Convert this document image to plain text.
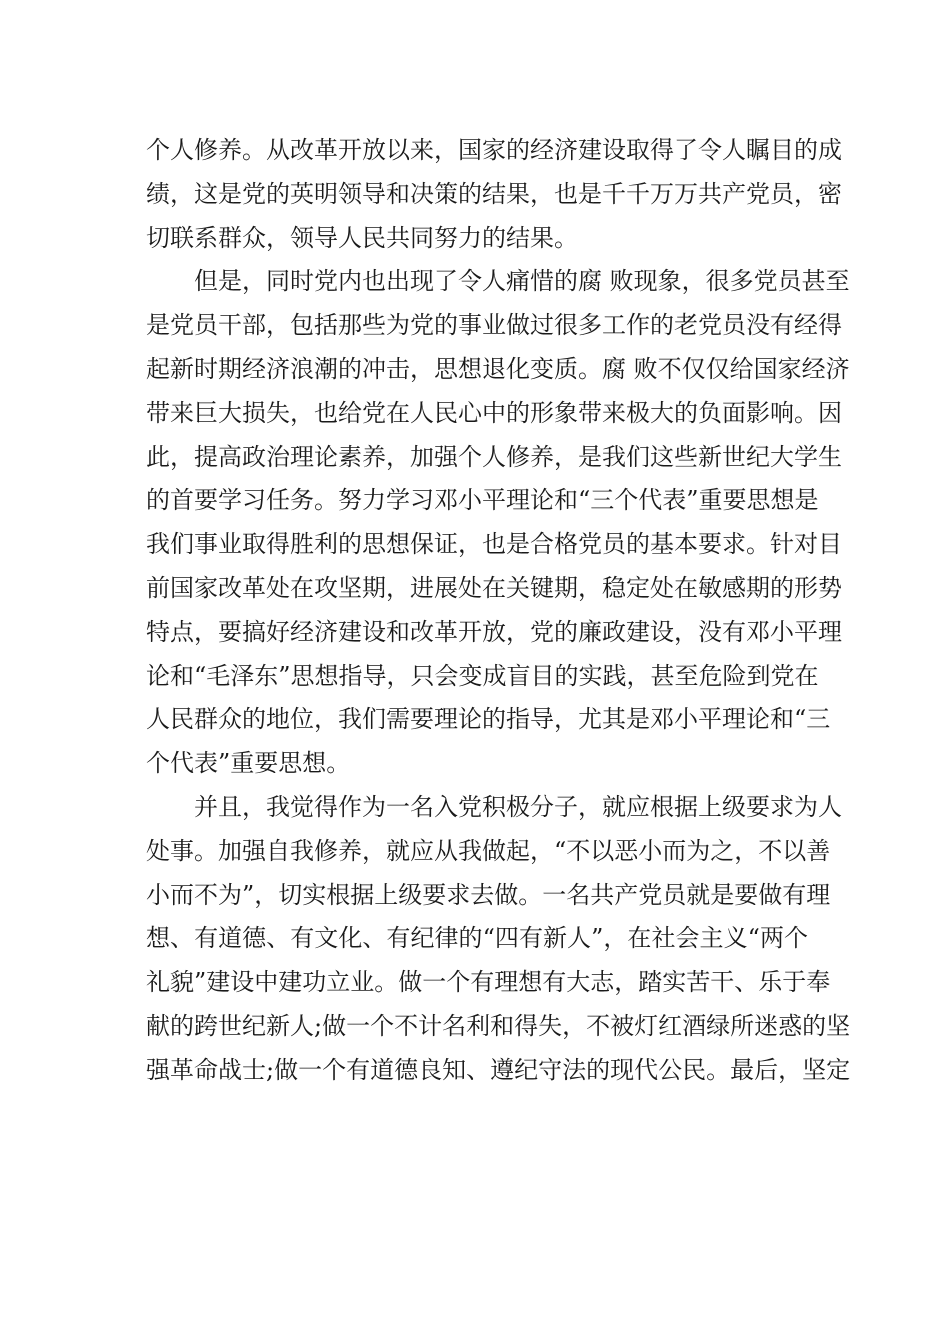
个人修养。从改革开放以来，国家的经济建设取得了令人瞩目的成
绩，这是党的英明领导和决策的结果，也是千千万万共产党员，密
切联系群众，领导人民共同努力的结果。

但是，同时党内也出现了令人痛惜的腐 败现象，很多党员甚至
是党员干部，包括那些为党的事业做过很多工作的老党员没有经得
起新时期经济浪潮的冲击，思想退化变质。腐 败不仅仅给国家经济
带来巨大损失，也给党在人民心中的形象带来极大的负面影响。因
此，提高政治理论素养，加强个人修养，是我们这些新世纪大学生
的首要学习任务。努力学习邓小平理论和“三个代表”重要思想是
我们事业取得胜利的思想保证，也是合格党员的基本要求。针对目
前国家改革处在攻坚期，进展处在关键期，稳定处在敏感期的形势
特点，要搞好经济建设和改革开放，党的廉政建设，没有邓小平理
论和“毛泽东”思想指导，只会变成盲目的实践，甚至危险到党在
人民群众的地位，我们需要理论的指导，尤其是邓小平理论和“三
个代表”重要思想。

并且，我觉得作为一名入党积极分子，就应根据上级要求为人
处事。加强自我修养，就应从我做起，“不以恶小而为之，不以善
小而不为”，切实根据上级要求去做。一名共产党员就是要做有理
想、有道德、有文化、有纪律的“四有新人”，在社会主义“两个
礼貌”建设中建功立业。做一个有理想有大志，踏实苦干、乐于奉
献的跨世纪新人;做一个不计名利和得失，不被灯红酒绿所迷惑的坚
强革命战士;做一个有道德良知、遵纪守法的现代公民。最后，坚定
